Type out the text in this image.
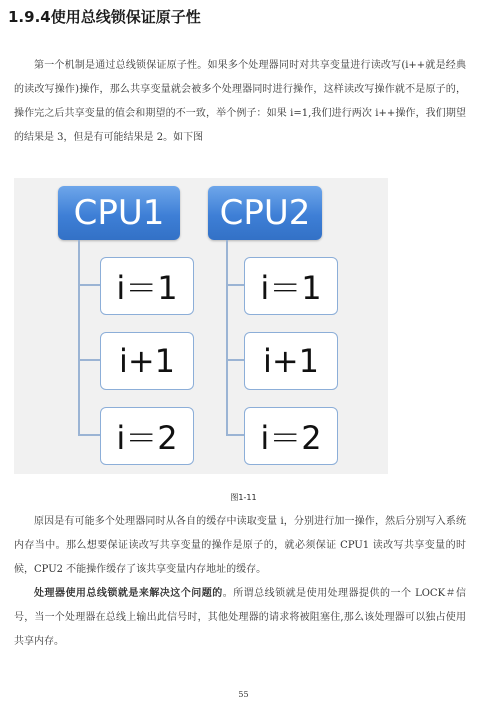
1.9.4使用总线锁保证原子性
第一个机制是通过总线锁保证原子性。如果多个处理器同时对共享变量进行读改写(i++就是经典的读改写操作)操作，那么共享变量就会被多个处理器同时进行操作，这样读改写操作就不是原子的，操作完之后共享变量的值会和期望的不一致，举个例子：如果 i=1,我们进行两次 i++操作，我们期望的结果是 3，但是有可能结果是 2。如下图
CPU1
i＝1
i+1
i＝2
CPU2
i＝1
i+1
i＝2
图1-11
原因是有可能多个处理器同时从各自的缓存中读取变量 i，分别进行加一操作，然后分别写入系统内存当中。那么想要保证读改写共享变量的操作是原子的，就必须保证 CPU1 读改写共享变量的时候，CPU2 不能操作缓存了该共享变量内存地址的缓存。
处理器使用总线锁就是来解决这个问题的。所谓总线锁就是使用处理器提供的一个 LOCK＃信号，当一个处理器在总线上输出此信号时，其他处理器的请求将被阻塞住,那么该处理器可以独占使用共享内存。
55
